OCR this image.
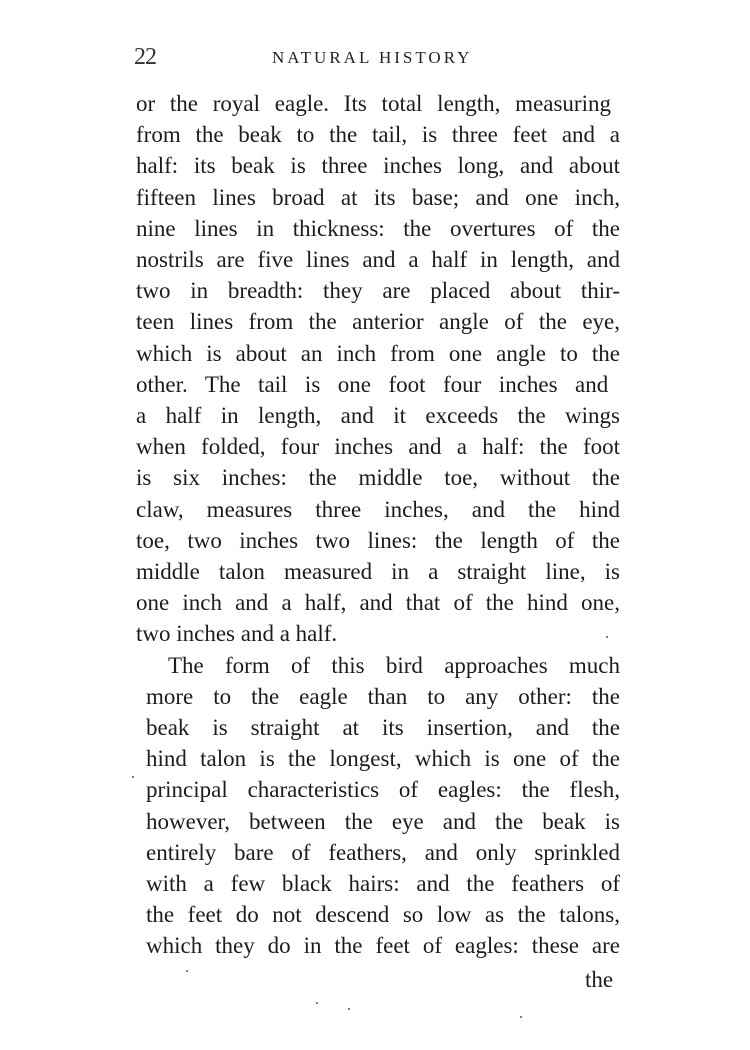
22	NATURAL HISTORY
or the royal eagle. Its total length, measuring
from the beak to the tail, is three feet and a
half: its beak is three inches long, and about
fifteen lines broad at its base; and one inch,
nine lines in thickness: the overtures of the
nostrils are five lines and a half in length, and
two in breadth: they are placed about thir-
teen lines from the anterior angle of the eye,
which is about an inch from one angle to the
other. The tail is one foot four inches and
a half in length, and it exceeds the wings
when folded, four inches and a half: the foot
is six inches: the middle toe, without the
claw, measures three inches, and the hind
toe, two inches two lines: the length of the
middle talon measured in a straight line, is
one inch and a half, and that of the hind one,
two inches and a half.
The form of this bird approaches much
more to the eagle than to any other: the
beak is straight at its insertion, and the
hind talon is the longest, which is one of the
principal characteristics of eagles: the flesh,
however, between the eye and the beak is
entirely bare of feathers, and only sprinkled
with a few black hairs: and the feathers of
the feet do not descend so low as the talons,
which they do in the feet of eagles: these are
the
